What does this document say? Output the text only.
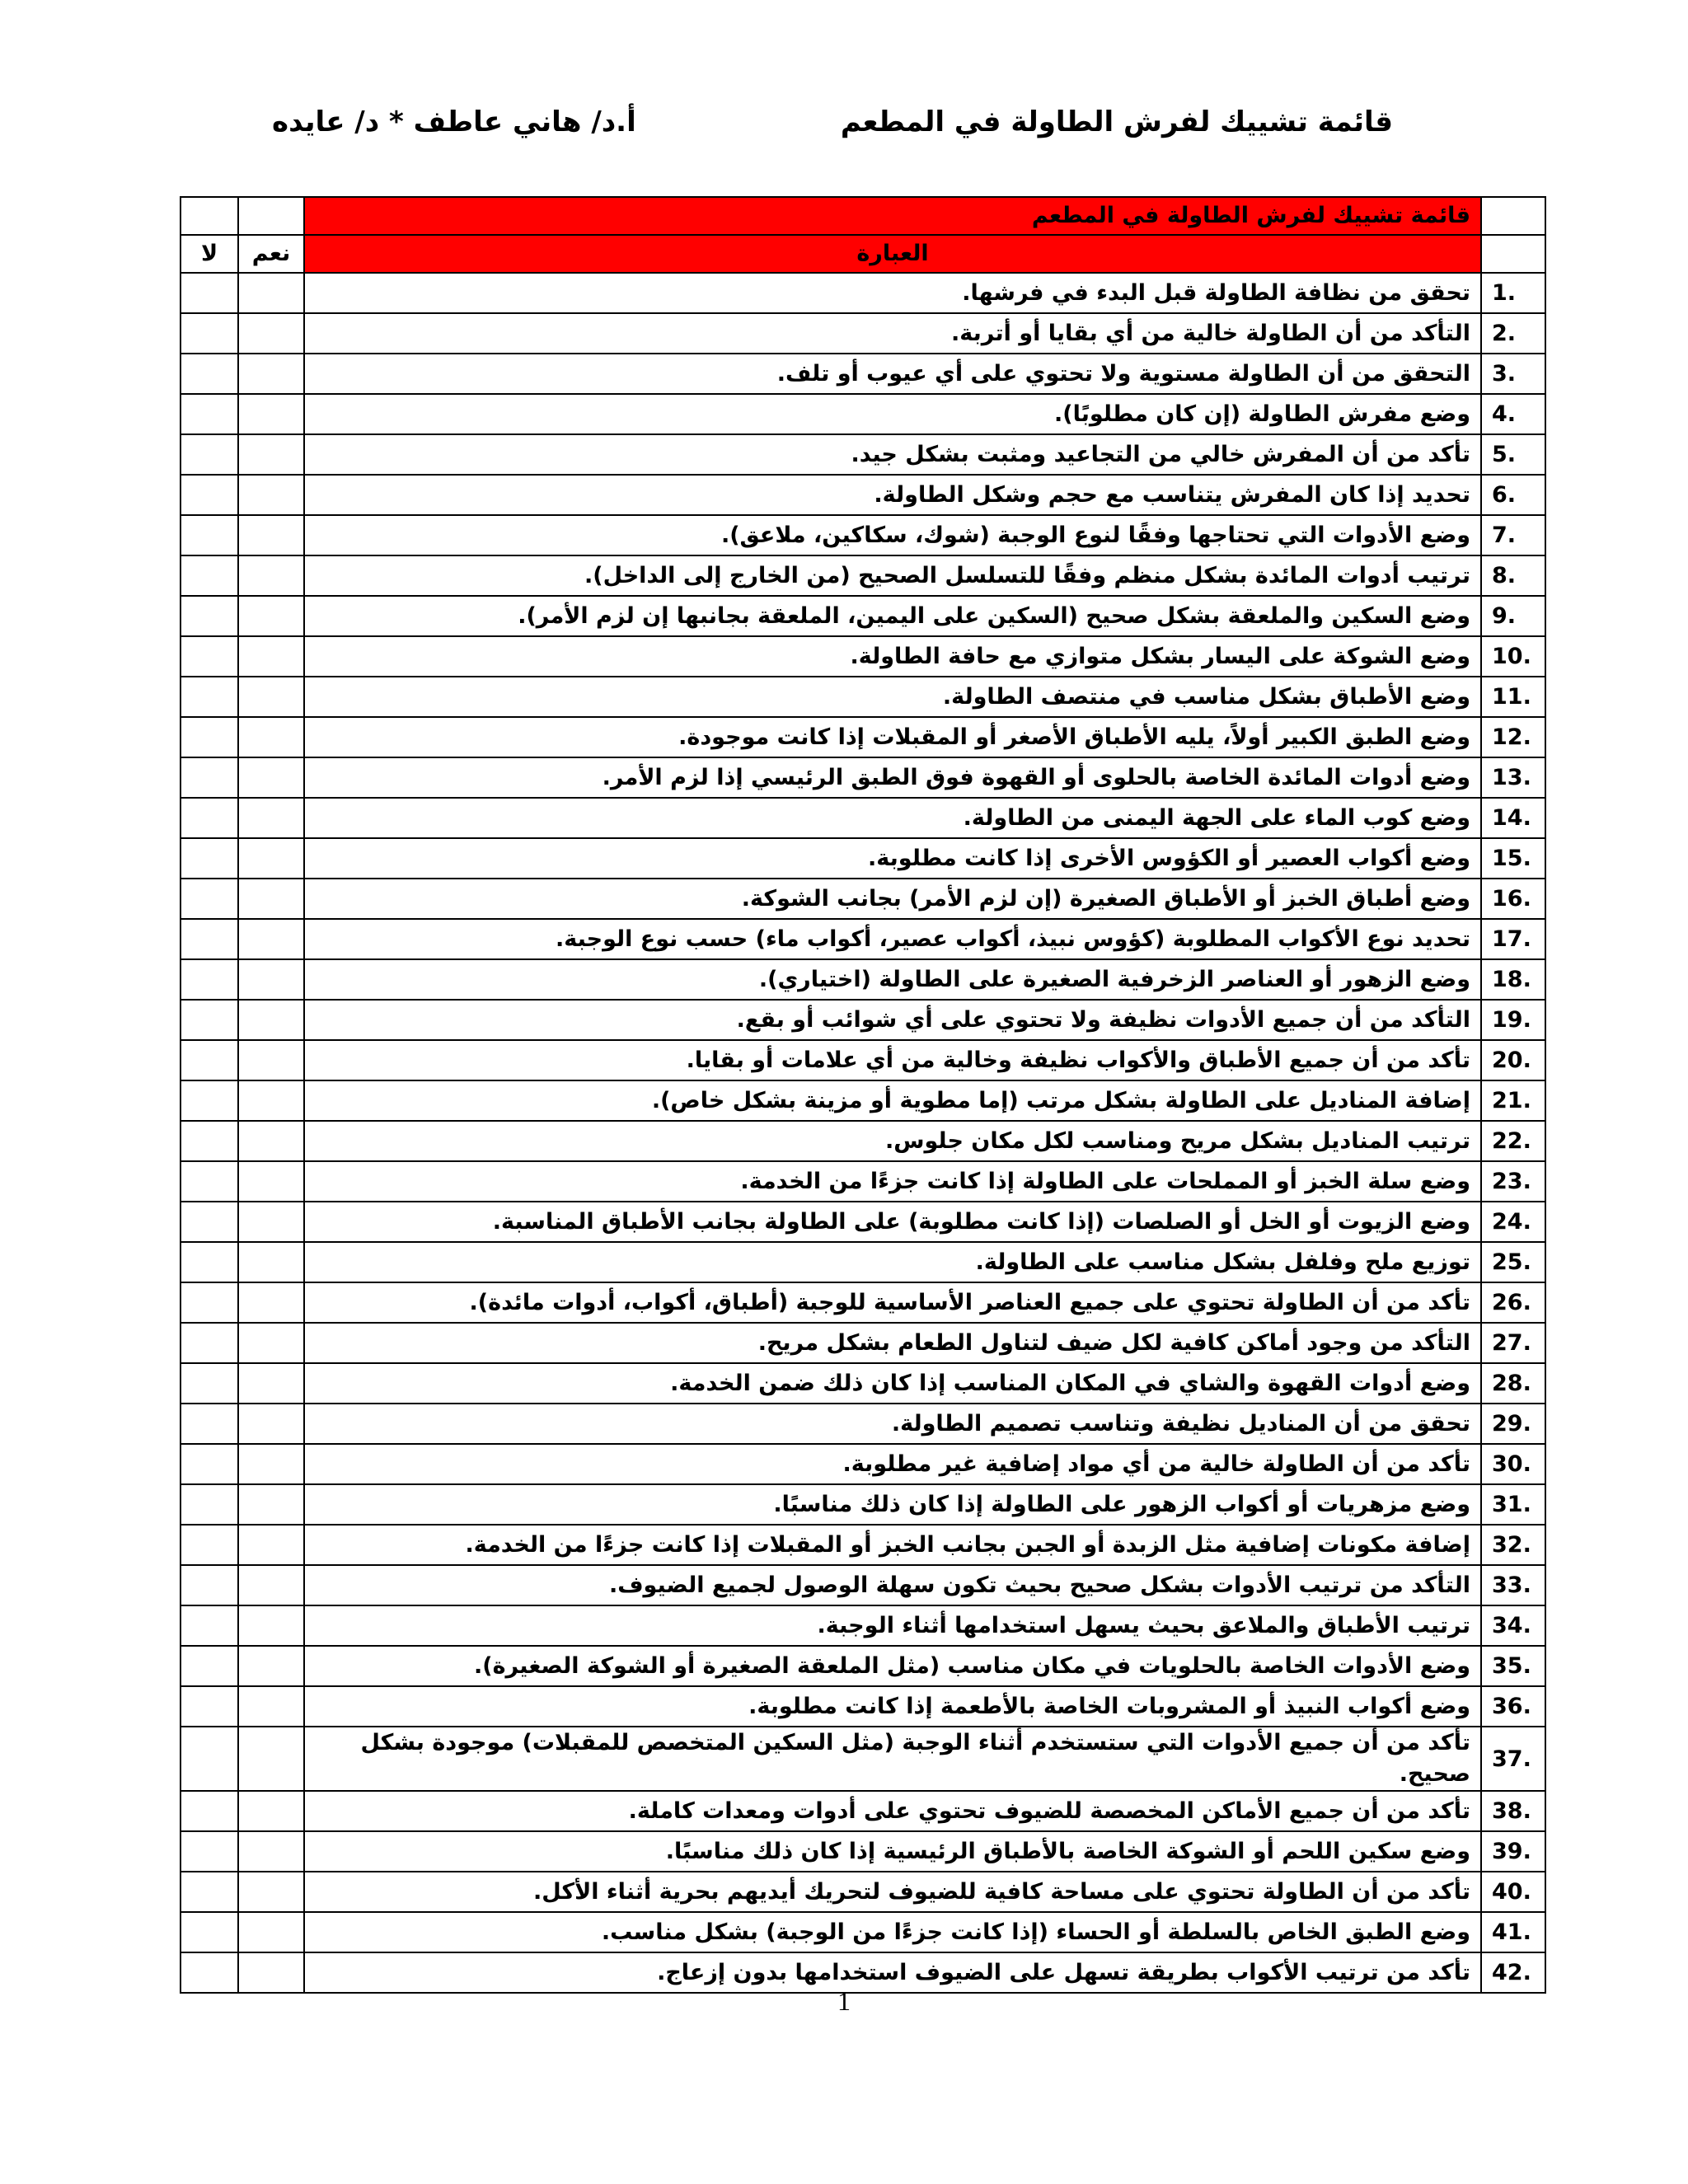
قائمة تشييك لفرش الطاولة في المطعم
أ.د/ هاني عاطف * د/ عايده
	قائمة تشييك لفرش الطاولة في المطعم		
	العبارة	نعم	لا
1.	تحقق من نظافة الطاولة قبل البدء في فرشها.		
2.	التأكد من أن الطاولة خالية من أي بقايا أو أتربة.		
3.	التحقق من أن الطاولة مستوية ولا تحتوي على أي عيوب أو تلف.		
4.	وضع مفرش الطاولة (إن كان مطلوبًا).		
5.	تأكد من أن المفرش خالي من التجاعيد ومثبت بشكل جيد.		
6.	تحديد إذا كان المفرش يتناسب مع حجم وشكل الطاولة.		
7.	وضع الأدوات التي تحتاجها وفقًا لنوع الوجبة (شوك، سكاكين، ملاعق).		
8.	ترتيب أدوات المائدة بشكل منظم وفقًا للتسلسل الصحيح (من الخارج إلى الداخل).		
9.	وضع السكين والملعقة بشكل صحيح (السكين على اليمين، الملعقة بجانبها إن لزم الأمر).		
10.	وضع الشوكة على اليسار بشكل متوازي مع حافة الطاولة.		
11.	وضع الأطباق بشكل مناسب في منتصف الطاولة.		
12.	وضع الطبق الكبير أولاً، يليه الأطباق الأصغر أو المقبلات إذا كانت موجودة.		
13.	وضع أدوات المائدة الخاصة بالحلوى أو القهوة فوق الطبق الرئيسي إذا لزم الأمر.		
14.	وضع كوب الماء على الجهة اليمنى من الطاولة.		
15.	وضع أكواب العصير أو الكؤوس الأخرى إذا كانت مطلوبة.		
16.	وضع أطباق الخبز أو الأطباق الصغيرة (إن لزم الأمر) بجانب الشوكة.		
17.	تحديد نوع الأكواب المطلوبة (كؤوس نبيذ، أكواب عصير، أكواب ماء) حسب نوع الوجبة.		
18.	وضع الزهور أو العناصر الزخرفية الصغيرة على الطاولة (اختياري).		
19.	التأكد من أن جميع الأدوات نظيفة ولا تحتوي على أي شوائب أو بقع.		
20.	تأكد من أن جميع الأطباق والأكواب نظيفة وخالية من أي علامات أو بقايا.		
21.	إضافة المناديل على الطاولة بشكل مرتب (إما مطوية أو مزينة بشكل خاص).		
22.	ترتيب المناديل بشكل مريح ومناسب لكل مكان جلوس.		
23.	وضع سلة الخبز أو المملحات على الطاولة إذا كانت جزءًا من الخدمة.		
24.	وضع الزيوت أو الخل أو الصلصات (إذا كانت مطلوبة) على الطاولة بجانب الأطباق المناسبة.		
25.	توزيع ملح وفلفل بشكل مناسب على الطاولة.		
26.	تأكد من أن الطاولة تحتوي على جميع العناصر الأساسية للوجبة (أطباق، أكواب، أدوات مائدة).		
27.	التأكد من وجود أماكن كافية لكل ضيف لتناول الطعام بشكل مريح.		
28.	وضع أدوات القهوة والشاي في المكان المناسب إذا كان ذلك ضمن الخدمة.		
29.	تحقق من أن المناديل نظيفة وتناسب تصميم الطاولة.		
30.	تأكد من أن الطاولة خالية من أي مواد إضافية غير مطلوبة.		
31.	وضع مزهريات أو أكواب الزهور على الطاولة إذا كان ذلك مناسبًا.		
32.	إضافة مكونات إضافية مثل الزبدة أو الجبن بجانب الخبز أو المقبلات إذا كانت جزءًا من الخدمة.		
33.	التأكد من ترتيب الأدوات بشكل صحيح بحيث تكون سهلة الوصول لجميع الضيوف.		
34.	ترتيب الأطباق والملاعق بحيث يسهل استخدامها أثناء الوجبة.		
35.	وضع الأدوات الخاصة بالحلويات في مكان مناسب (مثل الملعقة الصغيرة أو الشوكة الصغيرة).		
36.	وضع أكواب النبيذ أو المشروبات الخاصة بالأطعمة إذا كانت مطلوبة.		
37.	تأكد من أن جميع الأدوات التي ستستخدم أثناء الوجبة (مثل السكين المتخصص للمقبلات) موجودة بشكل صحيح.		
38.	تأكد من أن جميع الأماكن المخصصة للضيوف تحتوي على أدوات ومعدات كاملة.		
39.	وضع سكين اللحم أو الشوكة الخاصة بالأطباق الرئيسية إذا كان ذلك مناسبًا.		
40.	تأكد من أن الطاولة تحتوي على مساحة كافية للضيوف لتحريك أيديهم بحرية أثناء الأكل.		
41.	وضع الطبق الخاص بالسلطة أو الحساء (إذا كانت جزءًا من الوجبة) بشكل مناسب.		
42.	تأكد من ترتيب الأكواب بطريقة تسهل على الضيوف استخدامها بدون إزعاج.		
1
